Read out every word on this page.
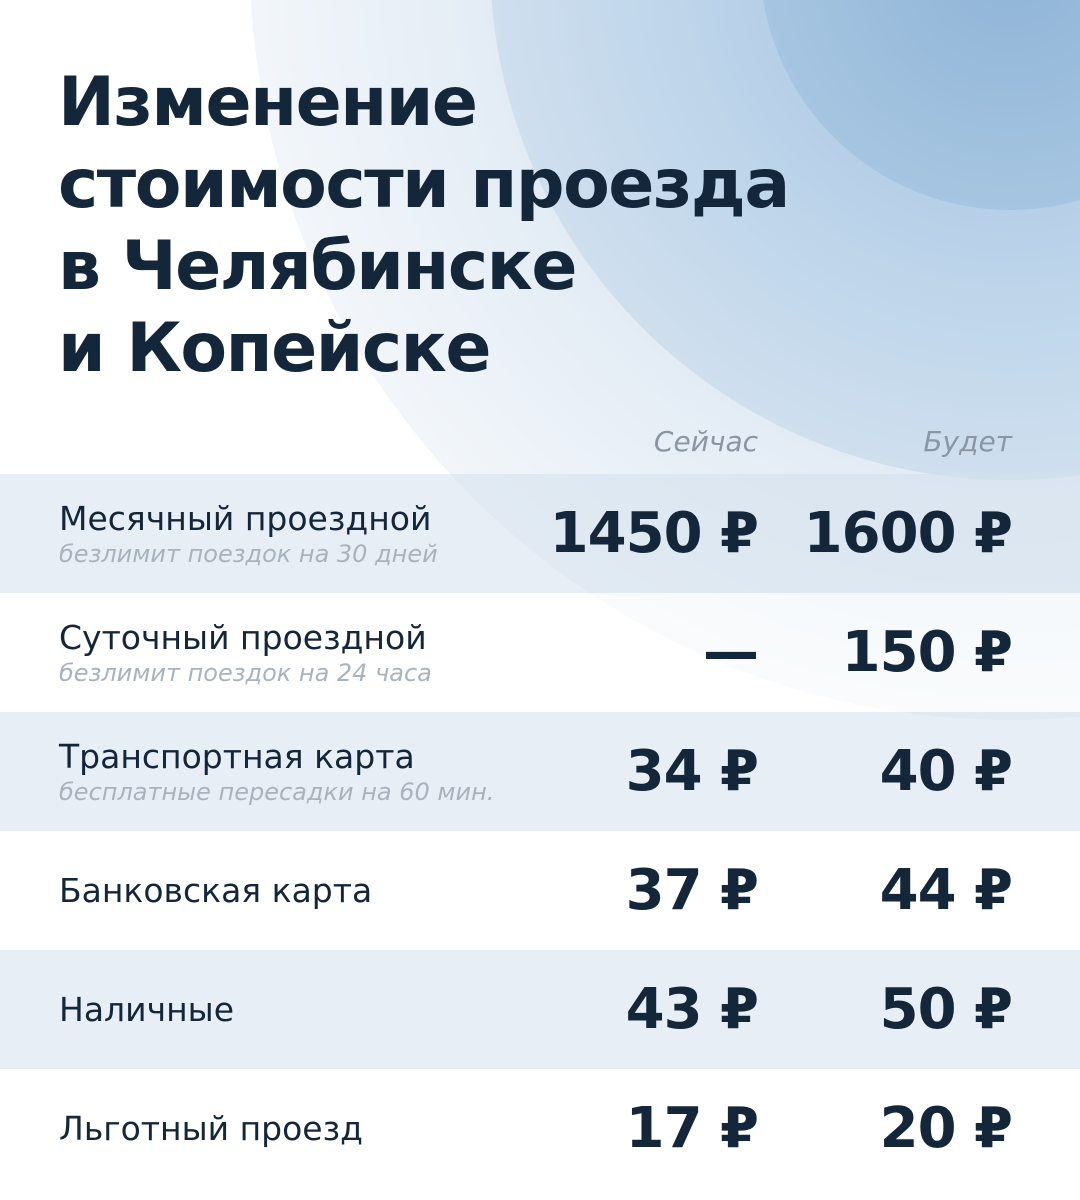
Изменение
стоимости проезда
в Челябинске
и Копейске
Сейчас	Будет
Месячный проездной
безлимит поездок на 30 дней 1450 ₽ 1600 ₽
Суточный проездной
безлимит поездок на 24 часа	— 150 ₽
Транспортная карта
бесплатные пересадки на 60 мин. 34 ₽ 40 ₽
Банковская карта	37 ₽ 44 ₽
Наличные	43 ₽ 50 ₽
Льготный проезд	17 ₽ 20 ₽
